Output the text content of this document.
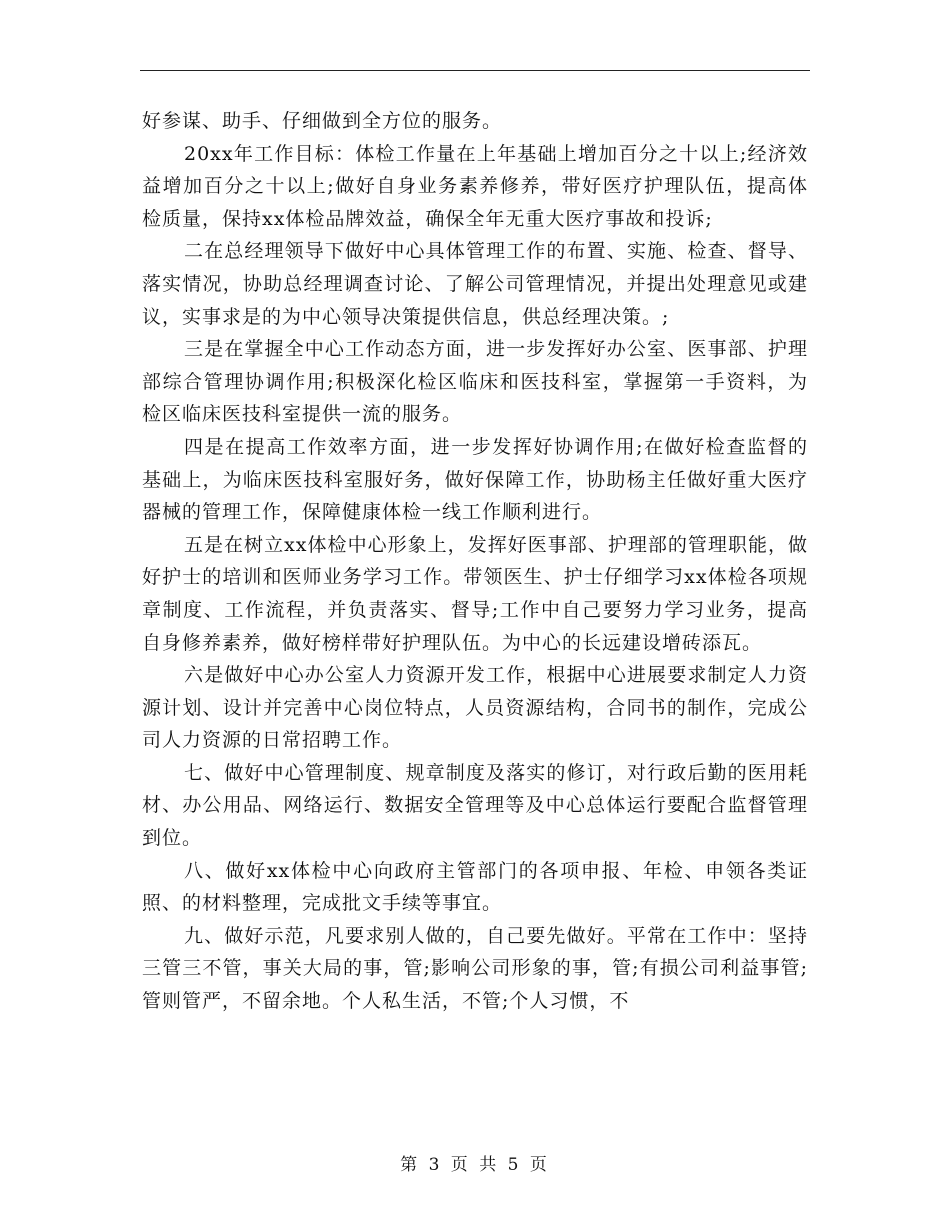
好参谋、助手、仔细做到全方位的服务。

20xx年工作目标：体检工作量在上年基础上增加百分之十以上;经济效益增加百分之十以上;做好自身业务素养修养，带好医疗护理队伍，提高体检质量，保持xx体检品牌效益，确保全年无重大医疗事故和投诉;

二在总经理领导下做好中心具体管理工作的布置、实施、检查、督导、落实情况，协助总经理调查讨论、了解公司管理情况，并提出处理意见或建议，实事求是的为中心领导决策提供信息，供总经理决策。;

三是在掌握全中心工作动态方面，进一步发挥好办公室、医事部、护理部综合管理协调作用;积极深化检区临床和医技科室，掌握第一手资料，为检区临床医技科室提供一流的服务。

四是在提高工作效率方面，进一步发挥好协调作用;在做好检查监督的基础上，为临床医技科室服好务，做好保障工作，协助杨主任做好重大医疗器械的管理工作，保障健康体检一线工作顺利进行。

五是在树立xx体检中心形象上，发挥好医事部、护理部的管理职能，做好护士的培训和医师业务学习工作。带领医生、护士仔细学习xx体检各项规章制度、工作流程，并负责落实、督导;工作中自己要努力学习业务，提高自身修养素养，做好榜样带好护理队伍。为中心的长远建设增砖添瓦。

六是做好中心办公室人力资源开发工作，根据中心进展要求制定人力资源计划、设计并完善中心岗位特点，人员资源结构，合同书的制作，完成公司人力资源的日常招聘工作。

七、做好中心管理制度、规章制度及落实的修订，对行政后勤的医用耗材、办公用品、网络运行、数据安全管理等及中心总体运行要配合监督管理到位。

八、做好xx体检中心向政府主管部门的各项申报、年检、申领各类证照、的材料整理，完成批文手续等事宜。

九、做好示范，凡要求别人做的，自己要先做好。平常在工作中：坚持三管三不管，事关大局的事，管;影响公司形象的事，管;有损公司利益事管;管则管严，不留余地。个人私生活，不管;个人习惯，不

第 3 页 共 5 页
